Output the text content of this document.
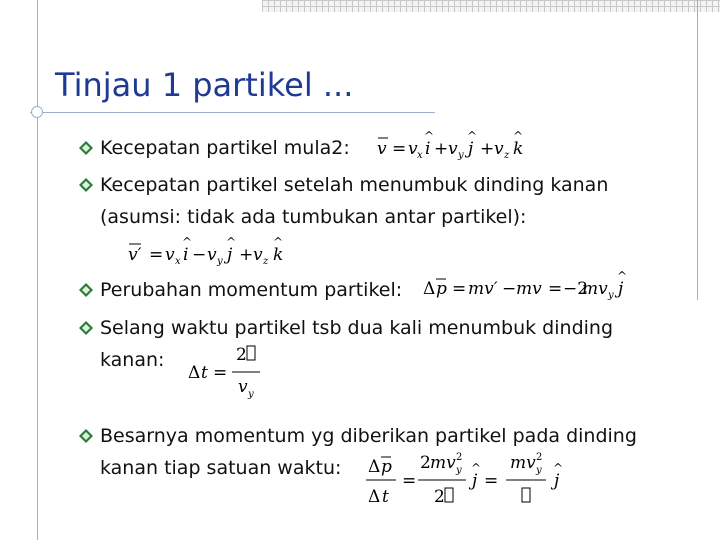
Tinjau 1 partikel ...
Kecepatan partikel mula2: v = v x i
^
+ v y j
^
+ v z k
^
Kecepatan partikel setelah menumbuk dinding kanan
(asumsi: tidak ada tumbukan antar partikel):
v′ = v x i
^
− v y j
^
+ v z k
^
Perubahan momentum partikel: Δ p = mv′ − mv = −2
mv y j
^
Selang waktu partikel tsb dua kali menumbuk dinding
kanan:
Δ t =
2
v y
Besarnya momentum yg diberikan partikel pada dinding
kanan tiap satuan waktu: Δ p
Δ t
=
2 mv 2
y
2
j
^
=
mv 2
y
j
^
